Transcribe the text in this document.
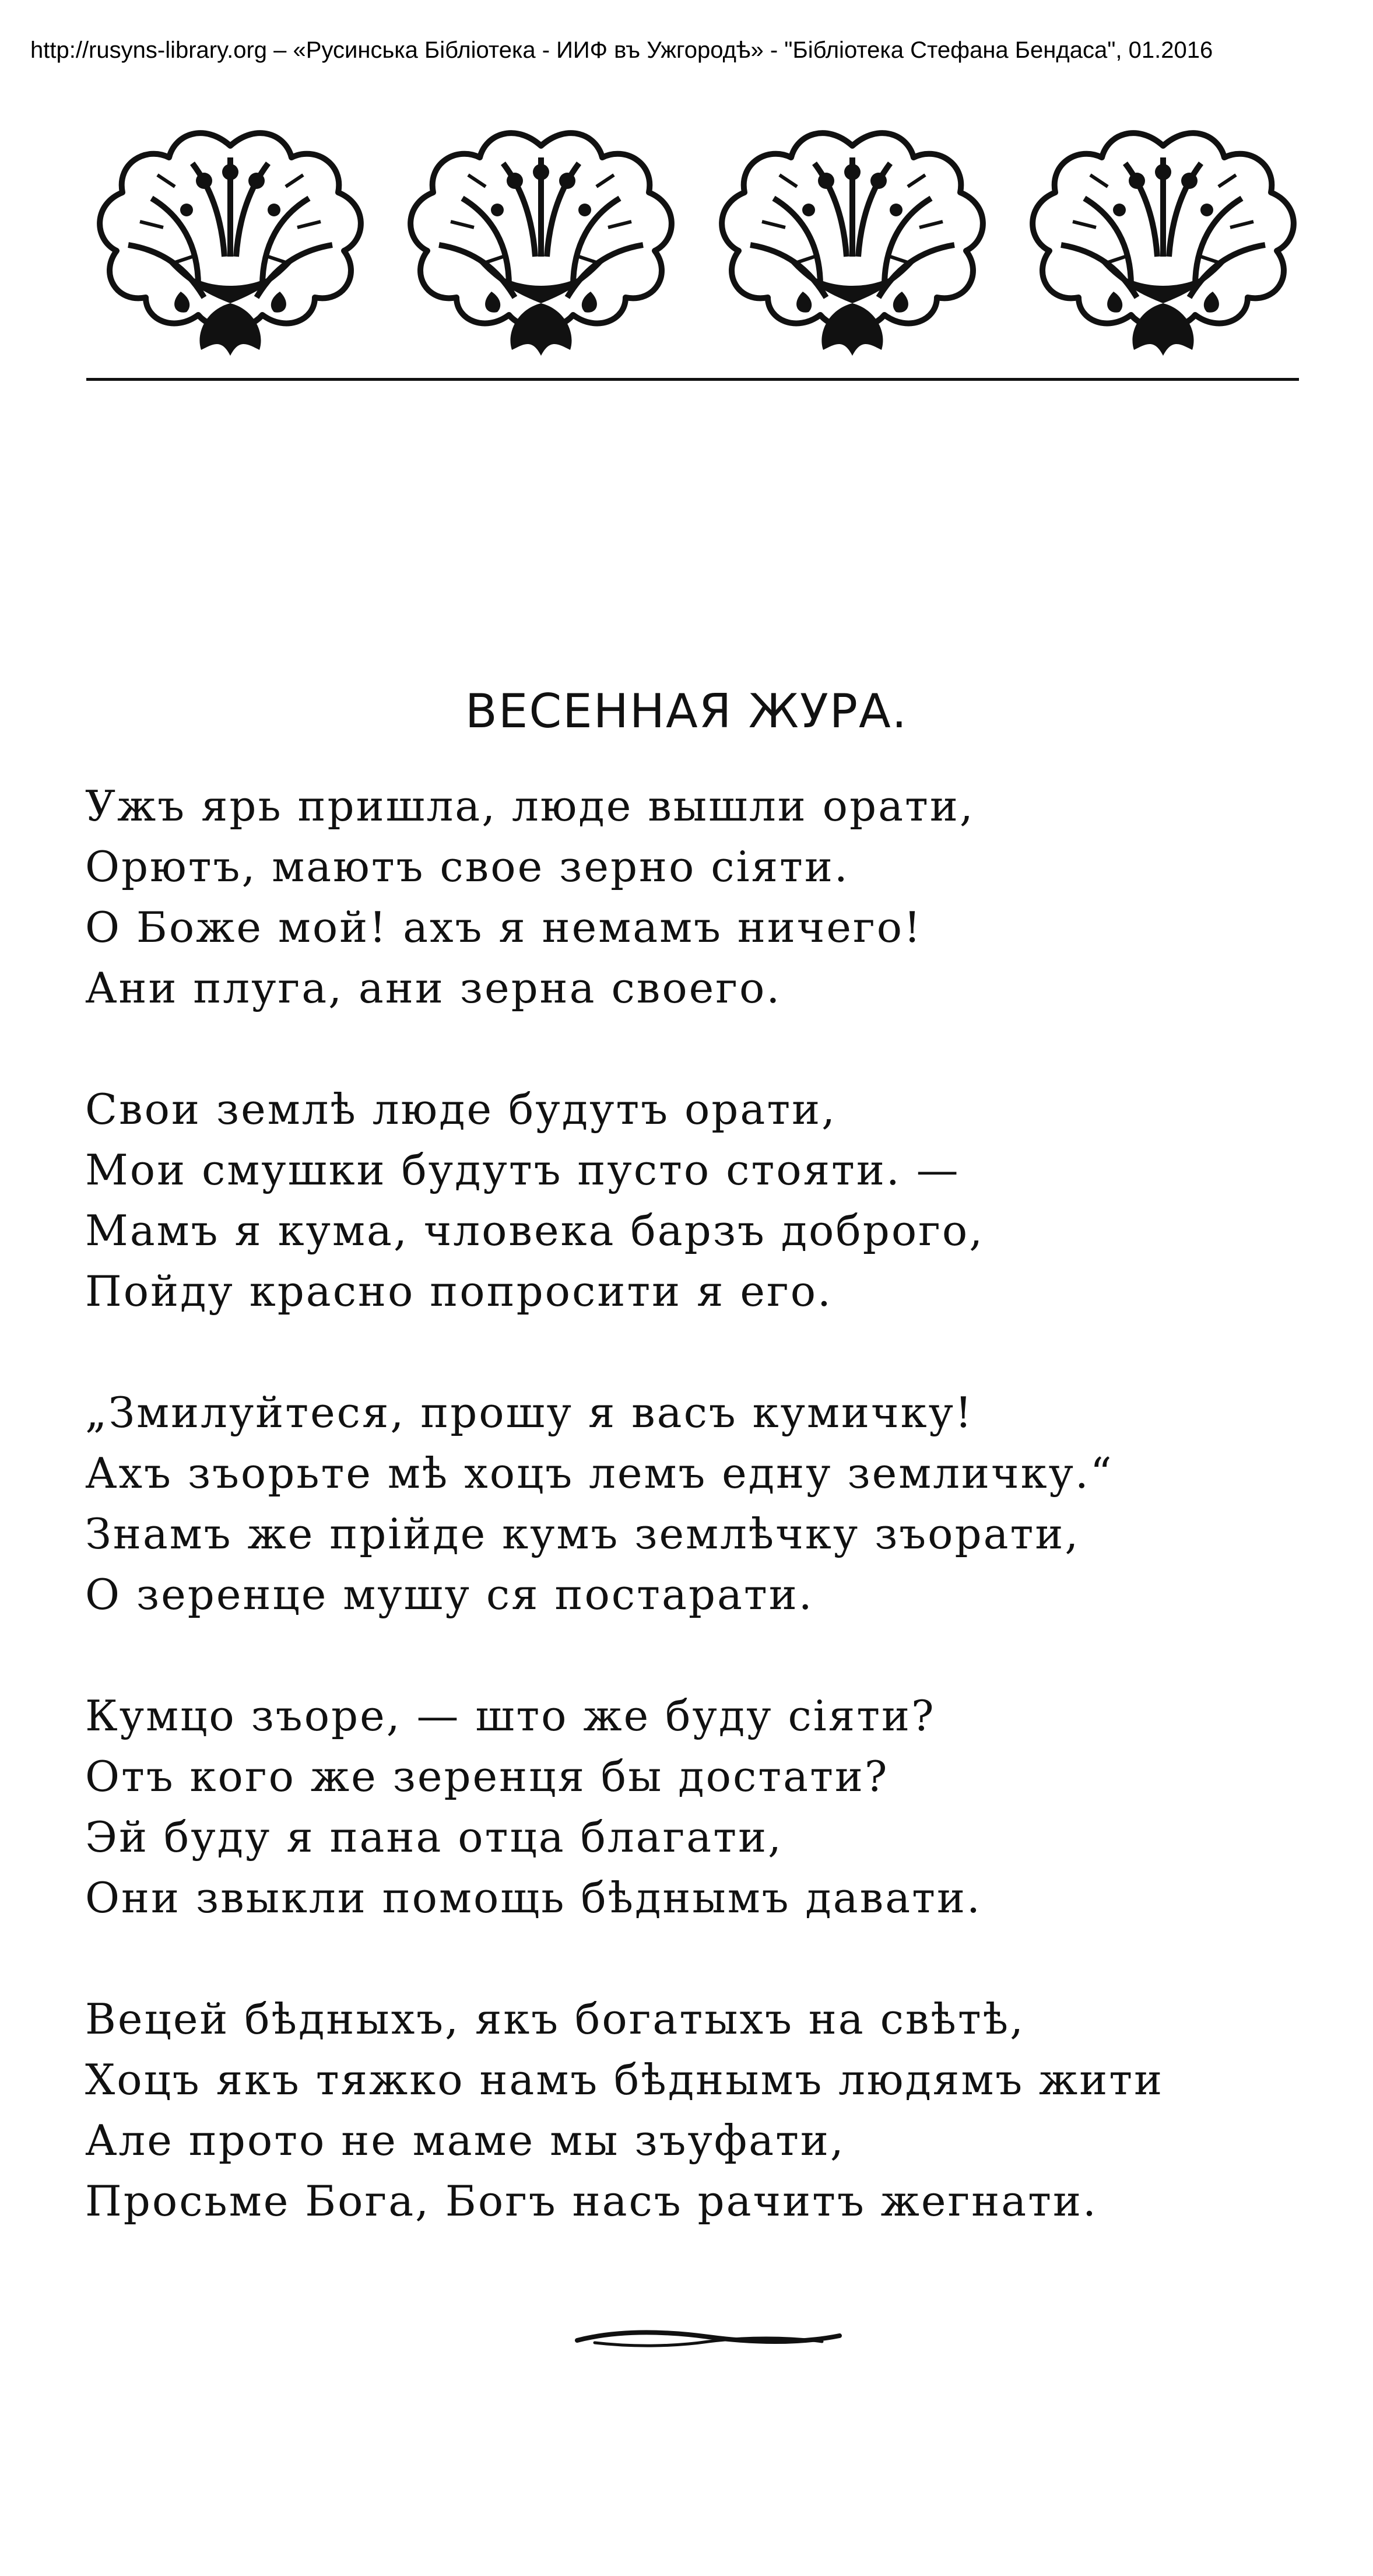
http://rusyns-library.org – «Русинська Бібліотека - ИИФ въ Ужгородѣ» - "Бібліотека Стефана Бендаса", 01.2016
ВЕСЕННАЯ ЖУРА.
Ужъ ярь пришла, люде вышли орати,
Орютъ, маютъ свое зерно сіяти.
О Боже мой! ахъ я немамъ ничего!
Ани плуга, ани зерна своего.
Свои землѣ люде будутъ орати,
Мои смушки будутъ пусто стояти. —
Мамъ я кума, чловека барзъ доброго,
Пойду красно попросити я его.
„Змилуйтеся, прошу я васъ кумичку!
Ахъ зъорьте мѣ хоцъ лемъ едну земличку.“
Знамъ же прійде кумъ землѣчку зъорати,
О зеренце мушу ся постарати.
Кумцо зъоре, — што же буду сіяти?
Отъ кого же зеренця бы достати?
Эй буду я пана отца благати,
Они звыкли помощь бѣднымъ давати.
Вецей бѣдныхъ, якъ богатыхъ на свѣтѣ,
Хоцъ якъ тяжко намъ бѣднымъ людямъ жити
Але прото не маме мы зъуфати,
Просьме Бога, Богъ насъ рачитъ жегнати.
